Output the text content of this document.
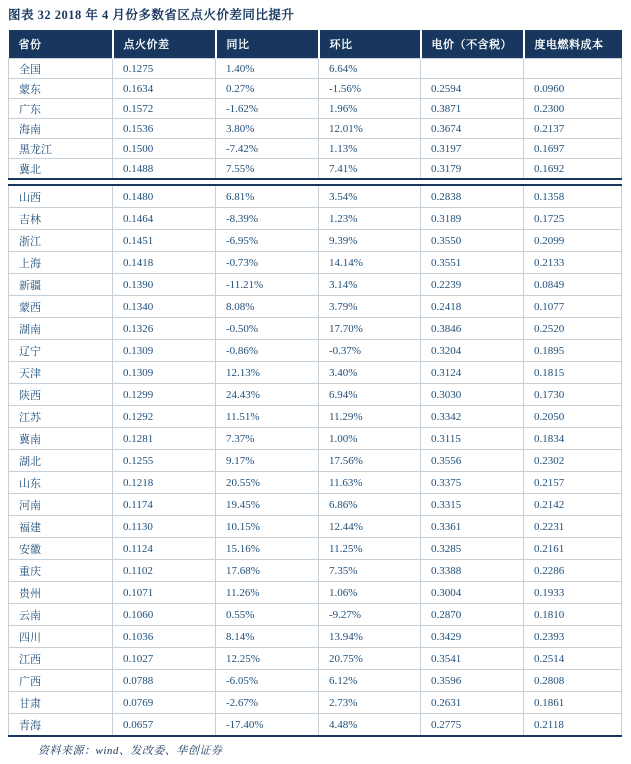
图表 32 2018 年 4 月份多数省区点火价差同比提升
省份	点火价差	同比	环比	电价（不含税）	度电燃料成本
全国	0.1275	1.40%	6.64%		
蒙东	0.1634	0.27%	-1.56%	0.2594	0.0960
广东	0.1572	-1.62%	1.96%	0.3871	0.2300
海南	0.1536	3.80%	12.01%	0.3674	0.2137
黑龙江	0.1500	-7.42%	1.13%	0.3197	0.1697
冀北	0.1488	7.55%	7.41%	0.3179	0.1692

山西	0.1480	6.81%	3.54%	0.2838	0.1358
吉林	0.1464	-8.39%	1.23%	0.3189	0.1725
浙江	0.1451	-6.95%	9.39%	0.3550	0.2099
上海	0.1418	-0.73%	14.14%	0.3551	0.2133
新疆	0.1390	-11.21%	3.14%	0.2239	0.0849
蒙西	0.1340	8.08%	3.79%	0.2418	0.1077
湖南	0.1326	-0.50%	17.70%	0.3846	0.2520
辽宁	0.1309	-0.86%	-0.37%	0.3204	0.1895
天津	0.1309	12.13%	3.40%	0.3124	0.1815
陕西	0.1299	24.43%	6.94%	0.3030	0.1730
江苏	0.1292	11.51%	11.29%	0.3342	0.2050
冀南	0.1281	7.37%	1.00%	0.3115	0.1834
湖北	0.1255	9.17%	17.56%	0.3556	0.2302
山东	0.1218	20.55%	11.63%	0.3375	0.2157
河南	0.1174	19.45%	6.86%	0.3315	0.2142
福建	0.1130	10.15%	12.44%	0.3361	0.2231
安徽	0.1124	15.16%	11.25%	0.3285	0.2161
重庆	0.1102	17.68%	7.35%	0.3388	0.2286
贵州	0.1071	11.26%	1.06%	0.3004	0.1933
云南	0.1060	0.55%	-9.27%	0.2870	0.1810
四川	0.1036	8.14%	13.94%	0.3429	0.2393
江西	0.1027	12.25%	20.75%	0.3541	0.2514
广西	0.0788	-6.05%	6.12%	0.3596	0.2808
甘肃	0.0769	-2.67%	2.73%	0.2631	0.1861
青海	0.0657	-17.40%	4.48%	0.2775	0.2118
资料来源：wind、发改委、华创证券
